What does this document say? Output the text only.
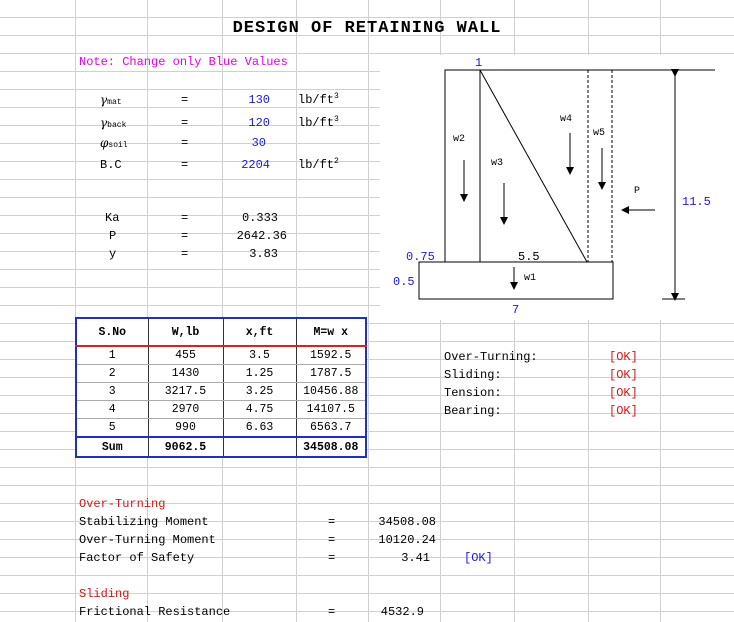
DESIGN OF RETAINING WALL
Note: Change only Blue Values
γmat	=	130 $lb/ft^3$
γback	=	120 $lb/ft^3$
φsoil	=	30
B.C	=	2204 $lb/ft^2$
Ka	=	0.333
P	=	2642.36
y	=	3.83
S.No	W,lb	x,ft	M=w x
1	455	3.5	1592.5
2	1430	1.25	1787.5
3	3217.5	3.25	10456.88
4	2970	4.75	14107.5
5	990	6.63	6563.7
Sum	9062.5		34508.08
Over-Turning:	[OK]
Sliding:	[OK]
Tension:	[OK]
Bearing:	[OK]
Over-Turning
Stabilizing Moment	=	34508.08
Over-Turning Moment	=	10120.24
Factor of Safety	=	3.41	[OK]
Sliding
Frictional Resistance	=	4532.9
1
11.5
0.75	5.5
0.5
7
w2
w3
w4
w5
P
w1
